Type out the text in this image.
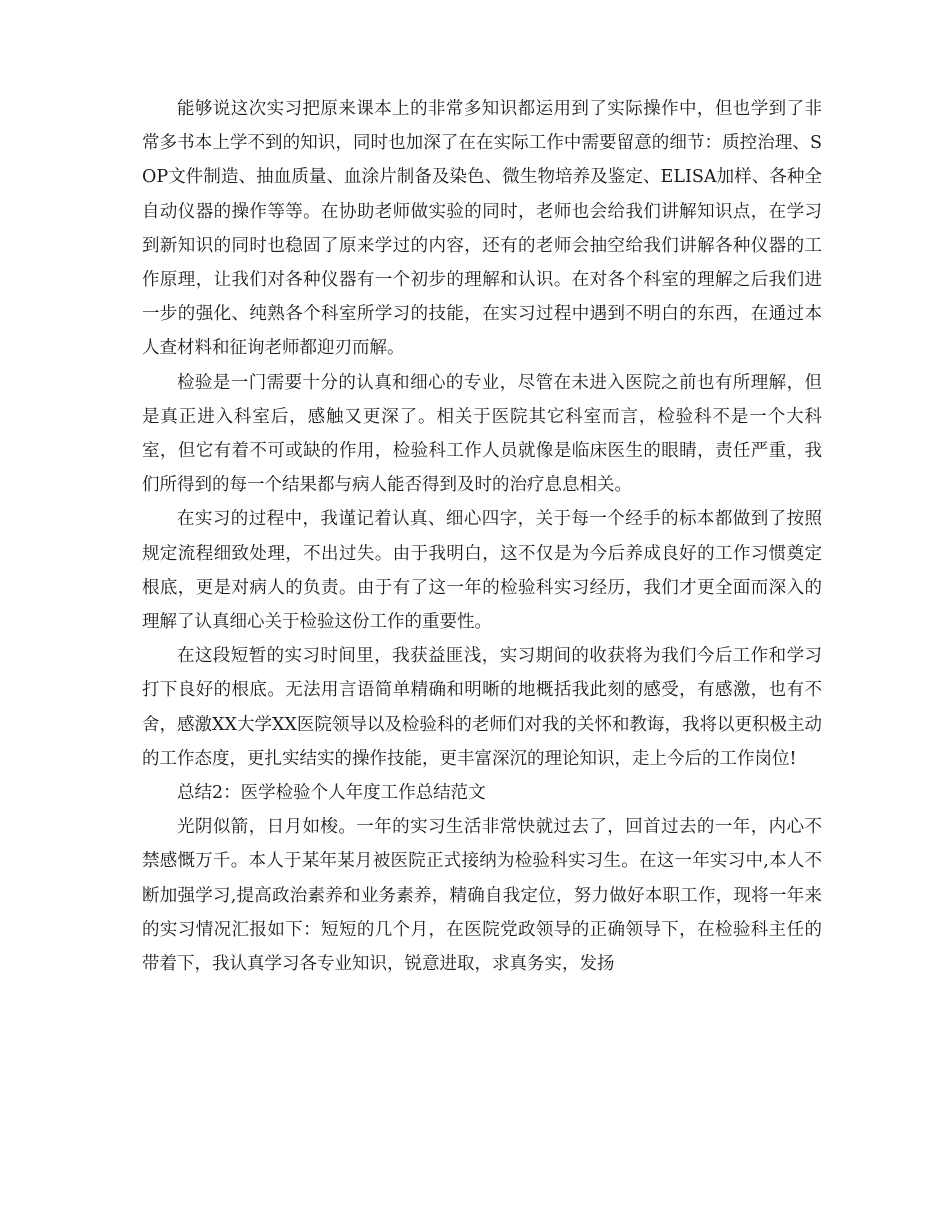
能够说这次实习把原来课本上的非常多知识都运用到了实际操作中，但也学到了非常多书本上学不到的知识，同时也加深了在在实际工作中需要留意的细节：质控治理、SOP文件制造、抽血质量、血涂片制备及染色、微生物培养及鉴定、ELISA加样、各种全自动仪器的操作等等。在协助老师做实验的同时，老师也会给我们讲解知识点，在学习到新知识的同时也稳固了原来学过的内容，还有的老师会抽空给我们讲解各种仪器的工作原理，让我们对各种仪器有一个初步的理解和认识。在对各个科室的理解之后我们进一步的强化、纯熟各个科室所学习的技能，在实习过程中遇到不明白的东西，在通过本人查材料和征询老师都迎刃而解。

检验是一门需要十分的认真和细心的专业，尽管在未进入医院之前也有所理解，但是真正进入科室后，感触又更深了。相关于医院其它科室而言，检验科不是一个大科室，但它有着不可或缺的作用，检验科工作人员就像是临床医生的眼睛，责任严重，我们所得到的每一个结果都与病人能否得到及时的治疗息息相关。

在实习的过程中，我谨记着认真、细心四字，关于每一个经手的标本都做到了按照规定流程细致处理，不出过失。由于我明白，这不仅是为今后养成良好的工作习惯奠定根底，更是对病人的负责。由于有了这一年的检验科实习经历，我们才更全面而深入的理解了认真细心关于检验这份工作的重要性。

在这段短暂的实习时间里，我获益匪浅，实习期间的收获将为我们今后工作和学习打下良好的根底。无法用言语简单精确和明晰的地概括我此刻的感受，有感激，也有不舍，感激XX大学XX医院领导以及检验科的老师们对我的关怀和教诲，我将以更积极主动的工作态度，更扎实结实的操作技能，更丰富深沉的理论知识，走上今后的工作岗位!

总结2：医学检验个人年度工作总结范文

光阴似箭，日月如梭。一年的实习生活非常快就过去了，回首过去的一年，内心不禁感慨万千。本人于某年某月被医院正式接纳为检验科实习生。在这一年实习中,本人不断加强学习,提高政治素养和业务素养，精确自我定位，努力做好本职工作，现将一年来的实习情况汇报如下：短短的几个月，在医院党政领导的正确领导下，在检验科主任的带着下，我认真学习各专业知识，锐意进取，求真务实，发扬
